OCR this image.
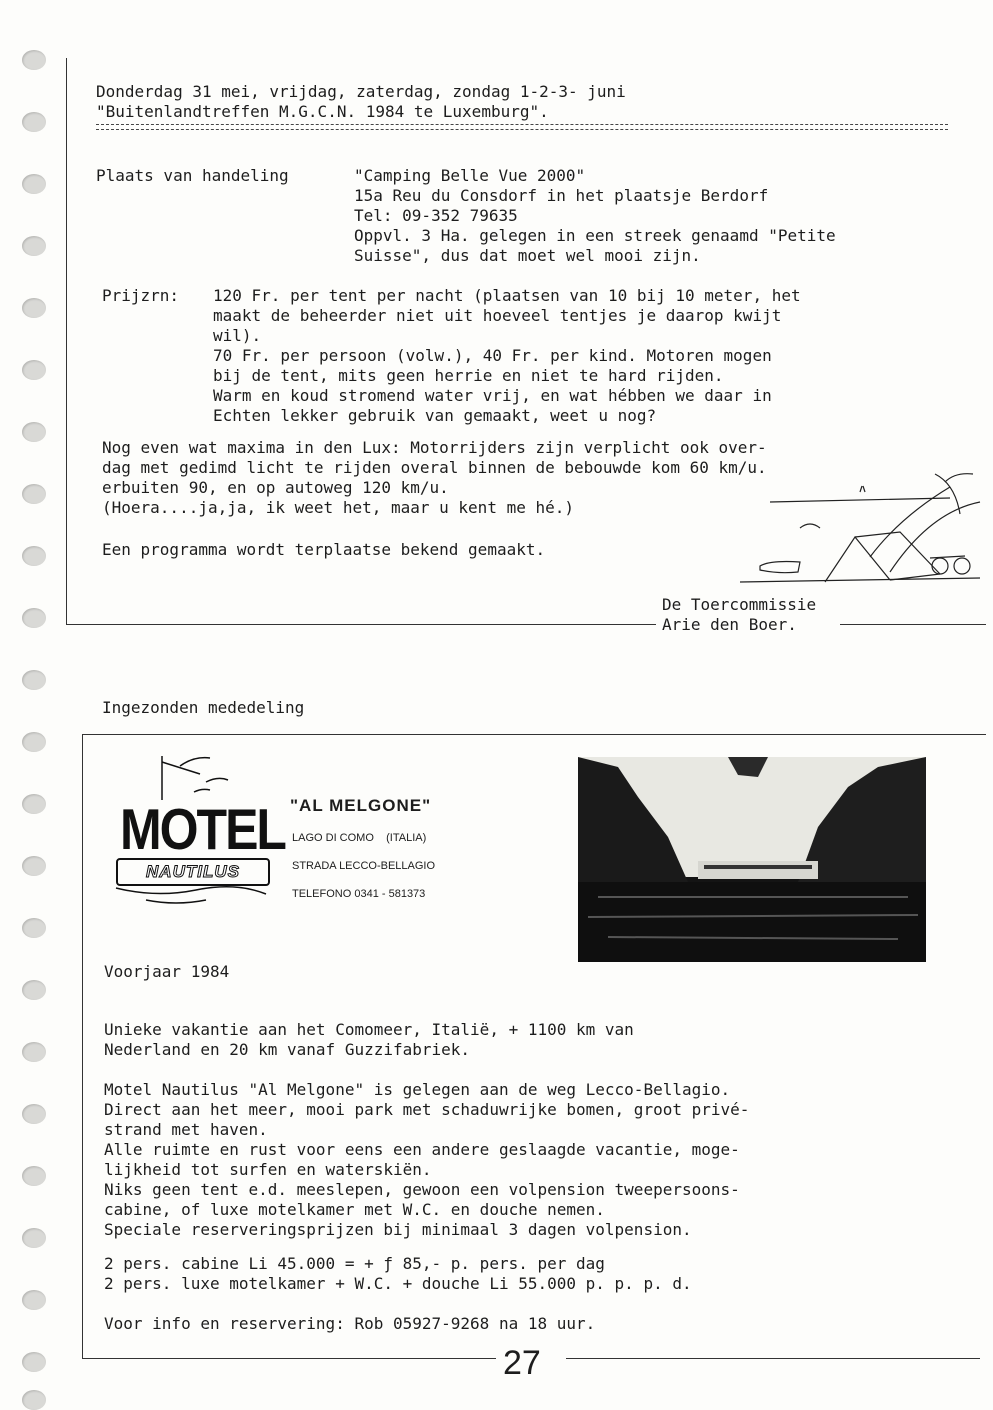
Donderdag 31 mei, vrijdag, zaterdag, zondag 1-2-3- juni
"Buitenlandtreffen M.G.C.N. 1984 te Luxemburg".
Plaats van handeling	"Camping Belle Vue 2000"
15a Reu du Consdorf in het plaatsje Berdorf
Tel: 09-352 79635
Oppvl. 3 Ha. gelegen in een streek genaamd "Petite
Suisse", dus dat moet wel mooi zijn.
Prijzrn: 120 Fr. per tent per nacht (plaatsen van 10 bij 10 meter, het
maakt de beheerder niet uit hoeveel tentjes je daarop kwijt
wil).
70 Fr. per persoon (volw.), 40 Fr. per kind. Motoren mogen
bij de tent, mits geen herrie en niet te hard rijden.
Warm en koud stromend water vrij, en wat hébben we daar in
Echten lekker gebruik van gemaakt, weet u nog?
Nog even wat maxima in den Lux: Motorrijders zijn verplicht ook over-
dag met gedimd licht te rijden overal binnen de bebouwde kom 60 km/u.
erbuiten 90, en op autoweg 120 km/u.
(Hoera....ja,ja, ik weet het, maar u kent me hé.)
Een programma wordt terplaatse bekend gemaakt.
De Toercommissie
Arie den Boer.
Ingezonden mededeling
MOTEL
NAUTILUS
"AL MELGONE"
LAGO DI COMO    (ITALIA)
STRADA LECCO-BELLAGIO
TELEFONO 0341 - 581373
Voorjaar 1984
Unieke vakantie aan het Comomeer, Italië, + 1100 km van
Nederland en 20 km vanaf Guzzifabriek.
Motel Nautilus "Al Melgone" is gelegen aan de weg Lecco-Bellagio.
Direct aan het meer, mooi park met schaduwrijke bomen, groot privé-
strand met haven.
Alle ruimte en rust voor eens een andere geslaagde vacantie, moge-
lijkheid tot surfen en waterskiën.
Niks geen tent e.d. meeslepen, gewoon een volpension tweepersoons-
cabine, of luxe motelkamer met W.C. en douche nemen.
Speciale reserveringsprijzen bij minimaal 3 dagen volpension.
2 pers. cabine Li 45.000 = + ƒ 85,- p. pers. per dag
2 pers. luxe motelkamer + W.C. + douche Li 55.000 p. p. p. d.
Voor info en reservering: Rob 05927-9268 na 18 uur.
27
